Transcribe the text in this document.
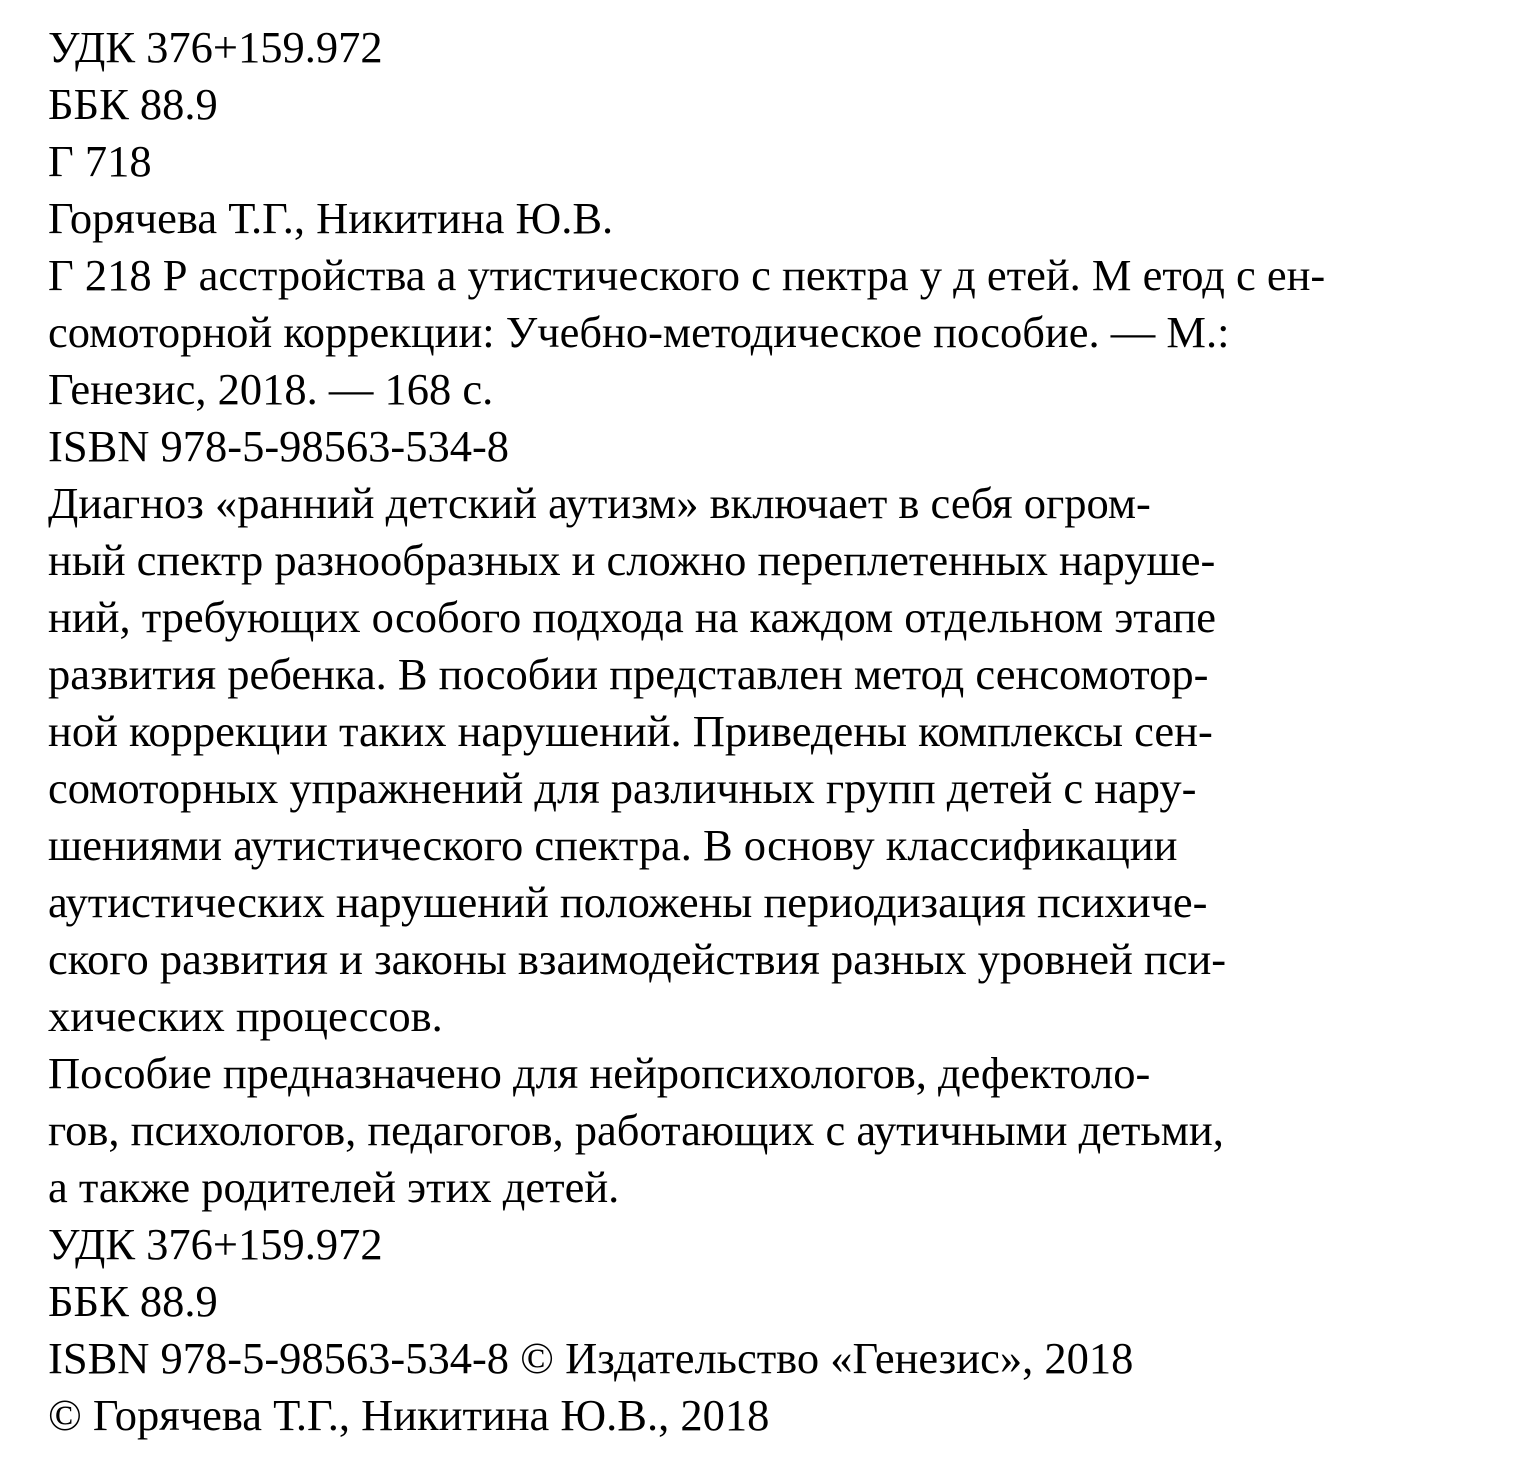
УДК 376+159.972
ББК 88.9
Г 718
Горячева Т.Г., Никитина Ю.В.
Г 218 Р асстройства а утистического с пектра у д етей. М етод с ен-
сомоторной коррекции: Учебно-методическое пособие. — М.:
Генезис, 2018. — 168 с.
ISBN 978-5-98563-534-8
Диагноз «ранний детский аутизм» включает в себя огром-
ный спектр разнообразных и сложно переплетенных наруше-
ний, требующих особого подхода на каждом отдельном этапе
развития ребенка. В пособии представлен метод сенсомотор-
ной коррекции таких нарушений. Приведены комплексы сен-
сомоторных упражнений для различных групп детей с нару-
шениями аутистического спектра. В основу классификации
аутистических нарушений положены периодизация психиче-
ского развития и законы взаимодействия разных уровней пси-
хических процессов.
Пособие предназначено для нейропсихологов, дефектоло-
гов, психологов, педагогов, работающих с аутичными детьми,
а также родителей этих детей.
УДК 376+159.972
ББК 88.9
ISBN 978-5-98563-534-8 © Издательство «Генезис», 2018
© Горячева Т.Г., Никитина Ю.В., 2018
